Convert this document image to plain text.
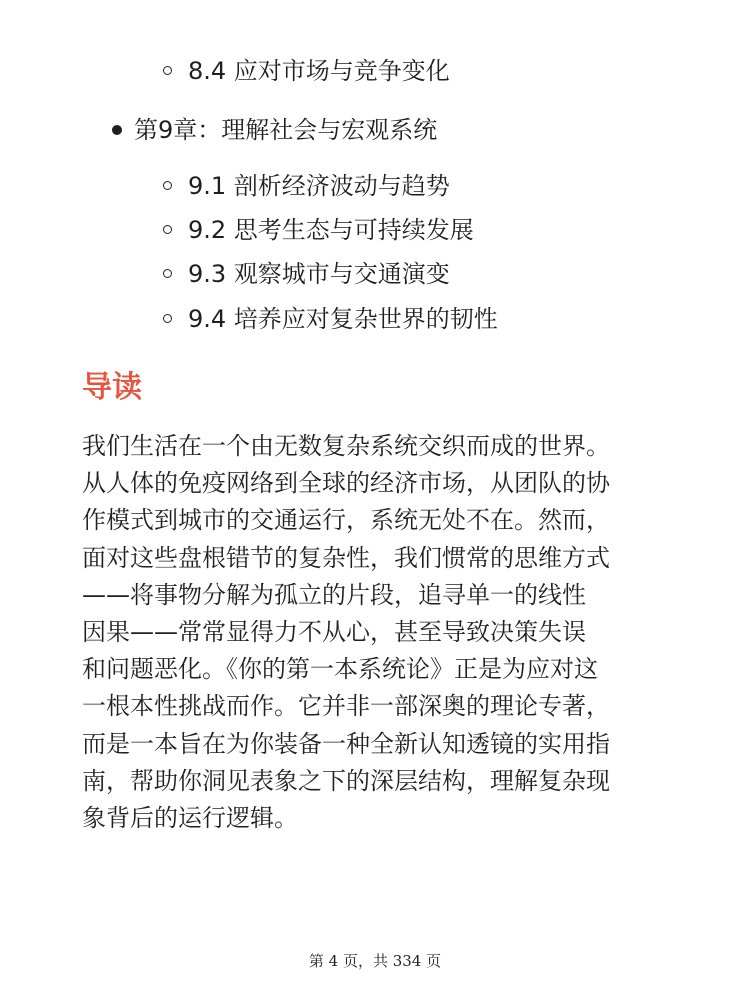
8.4 应对市场与竞争变化
第9章：理解社会与宏观系统
9.1 剖析经济波动与趋势
9.2 思考生态与可持续发展
9.3 观察城市与交通演变
9.4 培养应对复杂世界的韧性
导读
我们生活在一个由无数复杂系统交织而成的世界。
从人体的免疫网络到全球的经济市场，从团队的协
作模式到城市的交通运行，系统无处不在。然而，
面对这些盘根错节的复杂性，我们惯常的思维方式
——将事物分解为孤立的片段，追寻单一的线性
因果——常常显得力不从心，甚至导致决策失误
和问题恶化。《你的第一本系统论》正是为应对这
一根本性挑战而作。它并非一部深奥的理论专著，
而是一本旨在为你装备一种全新认知透镜的实用指
南，帮助你洞见表象之下的深层结构，理解复杂现
象背后的运行逻辑。
第 4 页，共 334 页
